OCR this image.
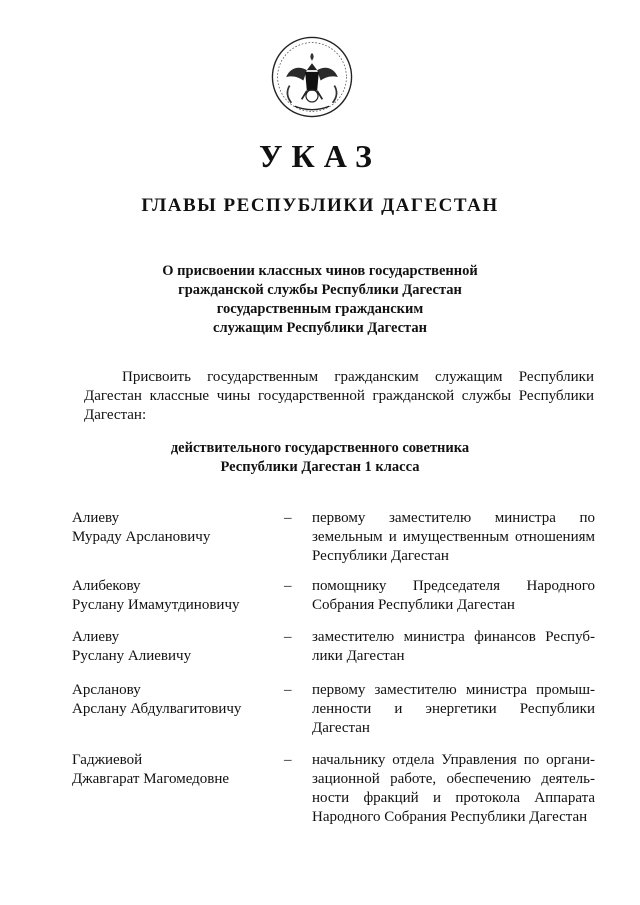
УКАЗ
ГЛАВЫ РЕСПУБЛИКИ ДАГЕСТАН
О присвоении классных чинов государственной
гражданской службы Республики Дагестан
государственным гражданским
служащим Республики Дагестан
Присвоить государственным гражданским служащим Республики Дагестан классные чины государственной гражданской службы Республики Дагестан:
действительного государственного советника
Республики Дагестан 1 класса
Алиеву
Мураду Арслановичу
– первому заместителю министра по
земельным и имущественным отношениям
Республики Дагестан
Алибекову
Руслану Имамутдиновичу
– помощнику Председателя Народного
Собрания Республики Дагестан
Алиеву
Руслану Алиевичу
– заместителю министра финансов Респуб-
лики Дагестан
Арсланову
Арслану Абдулвагитовичу
– первому заместителю министра промыш-
ленности и энергетики Республики
Дагестан
Гаджиевой
Джавгарат Магомедовне
– начальнику отдела Управления по органи-
зационной работе, обеспечению деятель-
ности фракций и протокола Аппарата
Народного Собрания Республики Дагестан
